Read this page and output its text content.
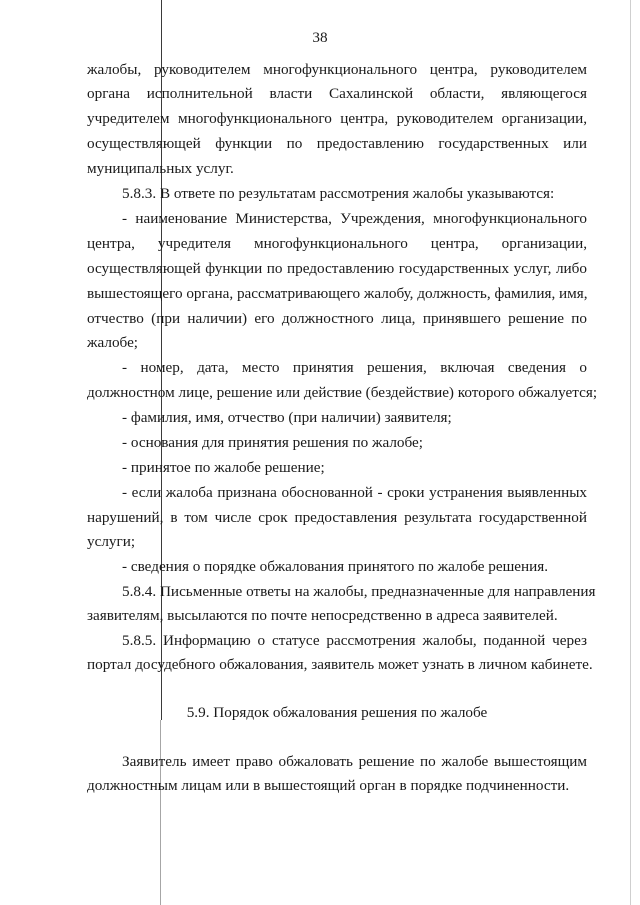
38
жалобы, руководителем многофункционального центра, руководителем
органа исполнительной власти Сахалинской области, являющегося
учредителем многофункционального центра, руководителем организации,
осуществляющей функции по предоставлению государственных или
муниципальных услуг.
5.8.3. В ответе по результатам рассмотрения жалобы указываются:
- наименование Министерства, Учреждения, многофункционального
центра, учредителя многофункционального центра, организации,
осуществляющей функции по предоставлению государственных услуг, либо
вышестоящего органа, рассматривающего жалобу, должность, фамилия, имя,
отчество (при наличии) его должностного лица, принявшего решение по
жалобе;
- номер, дата, место принятия решения, включая сведения о
должностном лице, решение или действие (бездействие) которого обжалуется;
- фамилия, имя, отчество (при наличии) заявителя;
- основания для принятия решения по жалобе;
- принятое по жалобе решение;
- если жалоба признана обоснованной - сроки устранения выявленных
нарушений, в том числе срок предоставления результата государственной
услуги;
- сведения о порядке обжалования принятого по жалобе решения.
5.8.4. Письменные ответы на жалобы, предназначенные для направления
заявителям, высылаются по почте непосредственно в адреса заявителей.
5.8.5. Информацию о статусе рассмотрения жалобы, поданной через
портал досудебного обжалования, заявитель может узнать в личном кабинете.
5.9. Порядок обжалования решения по жалобе
Заявитель имеет право обжаловать решение по жалобе вышестоящим
должностным лицам или в вышестоящий орган в порядке подчиненности.
